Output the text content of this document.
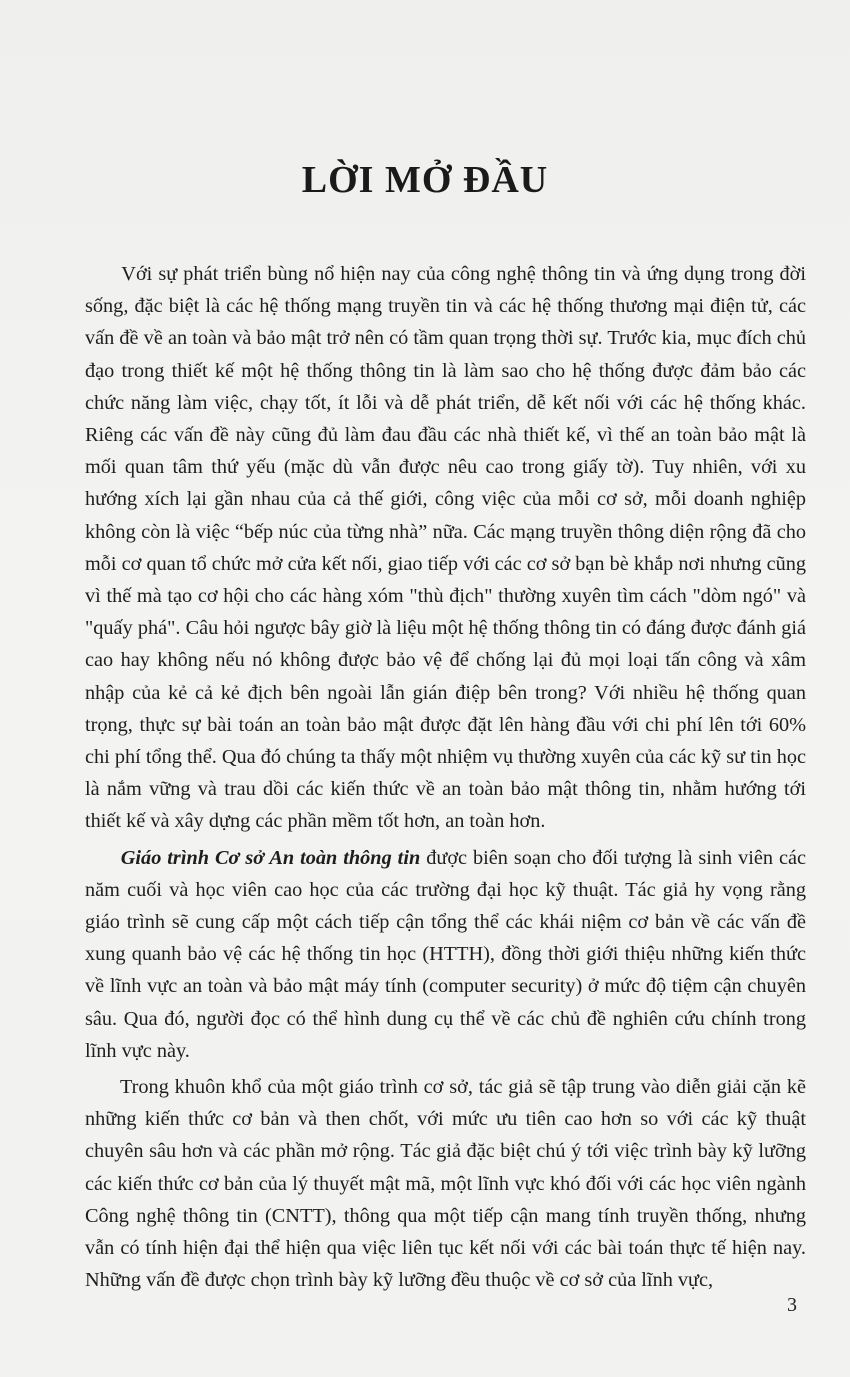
LỜI MỞ ĐẦU

Với sự phát triển bùng nổ hiện nay của công nghệ thông tin và ứng dụng trong đời sống, đặc biệt là các hệ thống mạng truyền tin và các hệ thống thương mại điện tử, các vấn đề về an toàn và bảo mật trở nên có tầm quan trọng thời sự. Trước kia, mục đích chủ đạo trong thiết kế một hệ thống thông tin là làm sao cho hệ thống được đảm bảo các chức năng làm việc, chạy tốt, ít lỗi và dễ phát triển, dễ kết nối với các hệ thống khác. Riêng các vấn đề này cũng đủ làm đau đầu các nhà thiết kế, vì thế an toàn bảo mật là mối quan tâm thứ yếu (mặc dù vẫn được nêu cao trong giấy tờ). Tuy nhiên, với xu hướng xích lại gần nhau của cả thế giới, công việc của mỗi cơ sở, mỗi doanh nghiệp không còn là việc “bếp núc của từng nhà” nữa. Các mạng truyền thông diện rộng đã cho mỗi cơ quan tổ chức mở cửa kết nối, giao tiếp với các cơ sở bạn bè khắp nơi nhưng cũng vì thế mà tạo cơ hội cho các hàng xóm "thù địch" thường xuyên tìm cách "dòm ngó" và "quấy phá". Câu hỏi ngược bây giờ là liệu một hệ thống thông tin có đáng được đánh giá cao hay không nếu nó không được bảo vệ để chống lại đủ mọi loại tấn công và xâm nhập của kẻ cả kẻ địch bên ngoài lẫn gián điệp bên trong? Với nhiều hệ thống quan trọng, thực sự bài toán an toàn bảo mật được đặt lên hàng đầu với chi phí lên tới 60% chi phí tổng thể. Qua đó chúng ta thấy một nhiệm vụ thường xuyên của các kỹ sư tin học là nắm vững và trau dồi các kiến thức về an toàn bảo mật thông tin, nhằm hướng tới thiết kế và xây dựng các phần mềm tốt hơn, an toàn hơn.

Giáo trình Cơ sở An toàn thông tin được biên soạn cho đối tượng là sinh viên các năm cuối và học viên cao học của các trường đại học kỹ thuật. Tác giả hy vọng rằng giáo trình sẽ cung cấp một cách tiếp cận tổng thể các khái niệm cơ bản về các vấn đề xung quanh bảo vệ các hệ thống tin học (HTTH), đồng thời giới thiệu những kiến thức về lĩnh vực an toàn và bảo mật máy tính (computer security) ở mức độ tiệm cận chuyên sâu. Qua đó, người đọc có thể hình dung cụ thể về các chủ đề nghiên cứu chính trong lĩnh vực này.

Trong khuôn khổ của một giáo trình cơ sở, tác giả sẽ tập trung vào diễn giải cặn kẽ những kiến thức cơ bản và then chốt, với mức ưu tiên cao hơn so với các kỹ thuật chuyên sâu hơn và các phần mở rộng. Tác giả đặc biệt chú ý tới việc trình bày kỹ lưỡng các kiến thức cơ bản của lý thuyết mật mã, một lĩnh vực khó đối với các học viên ngành Công nghệ thông tin (CNTT), thông qua một tiếp cận mang tính truyền thống, nhưng vẫn có tính hiện đại thể hiện qua việc liên tục kết nối với các bài toán thực tế hiện nay. Những vấn đề được chọn trình bày kỹ lưỡng đều thuộc về cơ sở của lĩnh vực,

3
